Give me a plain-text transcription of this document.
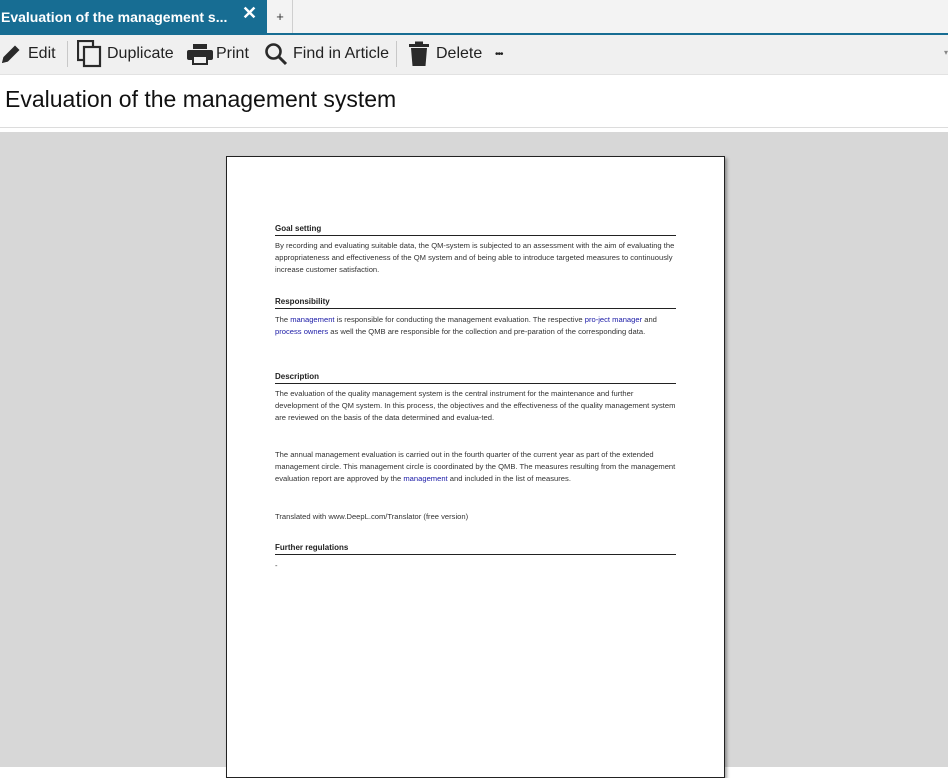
Evaluation of the management s... ✕	+
Edit	Duplicate	Print	Find in Article	Delete •••	▾
Evaluation of the management system
Goal setting
By recording and evaluating suitable data, the QM-system is subjected to an assessment with the aim of evaluating the appropriateness and effectiveness of the QM system and of being able to introduce targeted measures to continuously increase customer satisfaction.
Responsibility
The management is responsible for conducting the management evaluation. The respective pro-ject manager and process owners as well the QMB are responsible for the collection and pre-paration of the corresponding data.
Description
The evaluation of the quality management system is the central instrument for the maintenance and further development of the QM system. In this process, the objectives and the effectiveness of the quality management system are reviewed on the basis of the data determined and evalua-ted.
The annual management evaluation is carried out in the fourth quarter of the current year as part of the extended management circle. This management circle is coordinated by the QMB. The measures resulting from the management evaluation report are approved by the management and included in the list of measures.
Translated with www.DeepL.com/Translator (free version)
Further regulations
-
